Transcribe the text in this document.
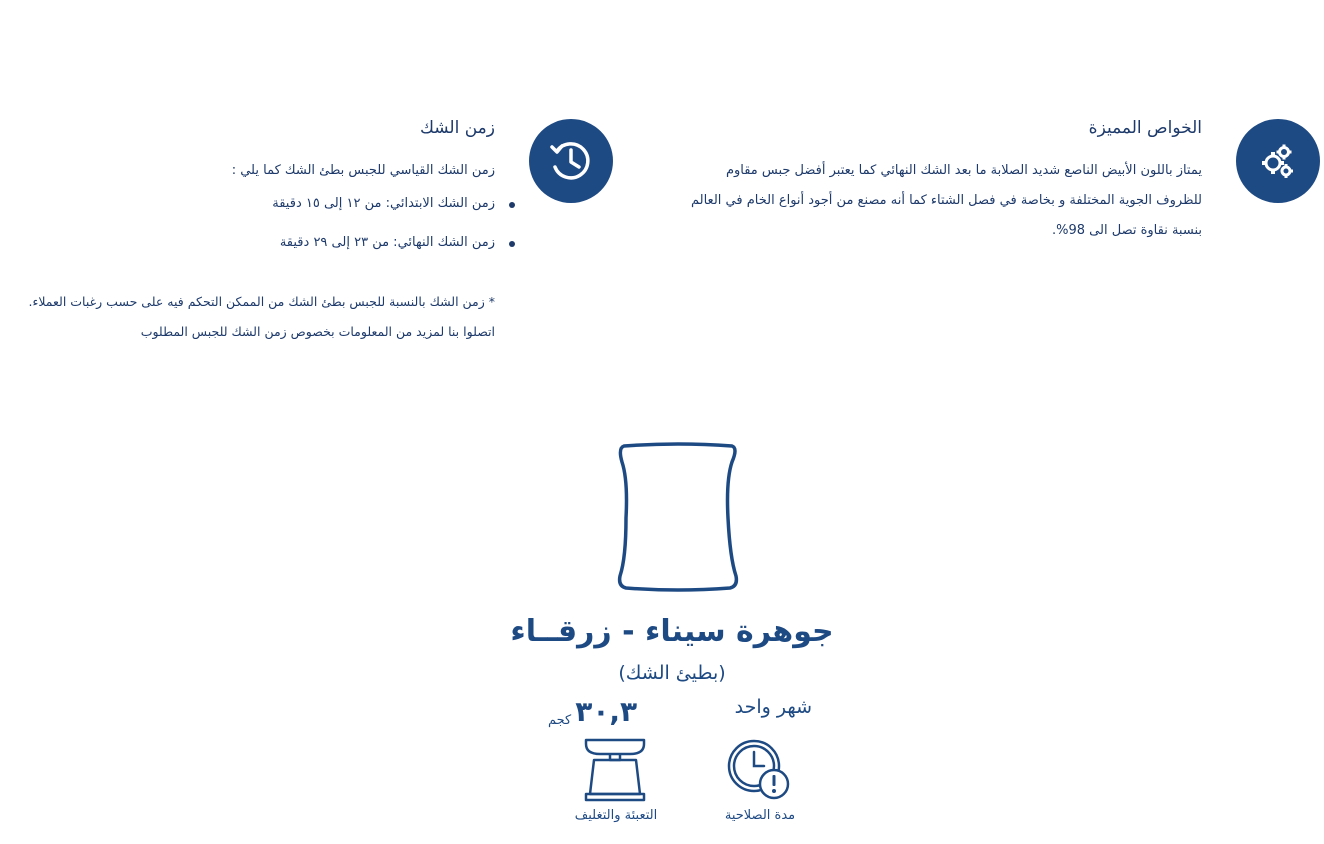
الخواص المميزة
يمتاز باللون الأبيض الناصع شديد الصلابة ما بعد الشك النهائي كما يعتبر أفضل جبس مقاوم
للظروف الجوية المختلفة و بخاصة في فصل الشتاء كما أنه مصنع من أجود أنواع الخام في العالم
بنسبة نقاوة تصل الى 98%.
زمن الشك
زمن الشك القياسي للجبس بطئ الشك كما يلي :
زمن الشك الابتدائي: من ١٢ إلى ١٥ دقيقة
زمن الشك النهائي: من ٢٣ إلى ٢٩ دقيقة
* زمن الشك بالنسبة للجبس بطئ الشك من الممكن التحكم فيه على حسب رغبات العملاء.
اتصلوا بنا لمزيد من المعلومات بخصوص زمن الشك للجبس المطلوب
جوهرة سيناء - زرقــاء
(بطيئ الشك)
كجم ٣٠,٣	شهر واحد
التعبئة والتغليف	مدة الصلاحية
